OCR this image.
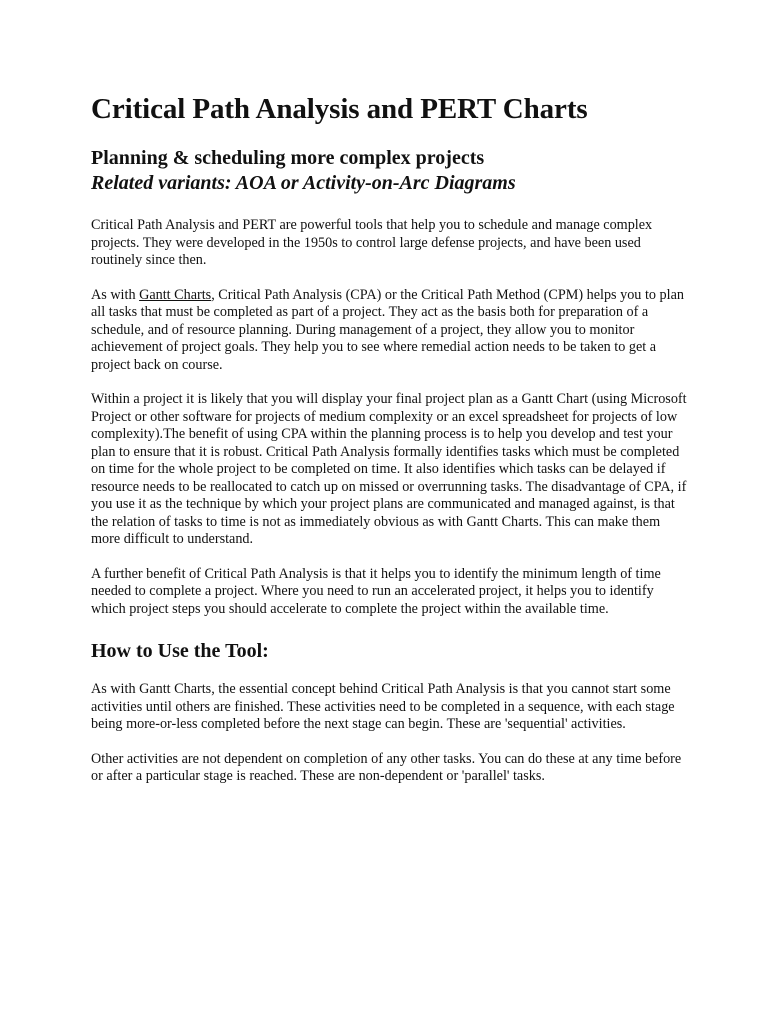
Critical Path Analysis and PERT Charts
Planning & scheduling more complex projects
Related variants: AOA or Activity-on-Arc Diagrams

Critical Path Analysis and PERT are powerful tools that help you to schedule and manage complex projects. They were developed in the 1950s to control large defense projects, and have been used routinely since then.

As with Gantt Charts, Critical Path Analysis (CPA) or the Critical Path Method (CPM) helps you to plan all tasks that must be completed as part of a project. They act as the basis both for preparation of a schedule, and of resource planning. During management of a project, they allow you to monitor achievement of project goals. They help you to see where remedial action needs to be taken to get a project back on course.

Within a project it is likely that you will display your final project plan as a Gantt Chart (using Microsoft Project or other software for projects of medium complexity or an excel spreadsheet for projects of low complexity).The benefit of using CPA within the planning process is to help you develop and test your plan to ensure that it is robust. Critical Path Analysis formally identifies tasks which must be completed on time for the whole project to be completed on time. It also identifies which tasks can be delayed if resource needs to be reallocated to catch up on missed or overrunning tasks. The disadvantage of CPA, if you use it as the technique by which your project plans are communicated and managed against, is that the relation of tasks to time is not as immediately obvious as with Gantt Charts. This can make them more difficult to understand.

A further benefit of Critical Path Analysis is that it helps you to identify the minimum length of time needed to complete a project. Where you need to run an accelerated project, it helps you to identify which project steps you should accelerate to complete the project within the available time.

How to Use the Tool:

As with Gantt Charts, the essential concept behind Critical Path Analysis is that you cannot start some activities until others are finished. These activities need to be completed in a sequence, with each stage being more-or-less completed before the next stage can begin. These are 'sequential' activities.

Other activities are not dependent on completion of any other tasks. You can do these at any time before or after a particular stage is reached. These are non-dependent or 'parallel' tasks.
